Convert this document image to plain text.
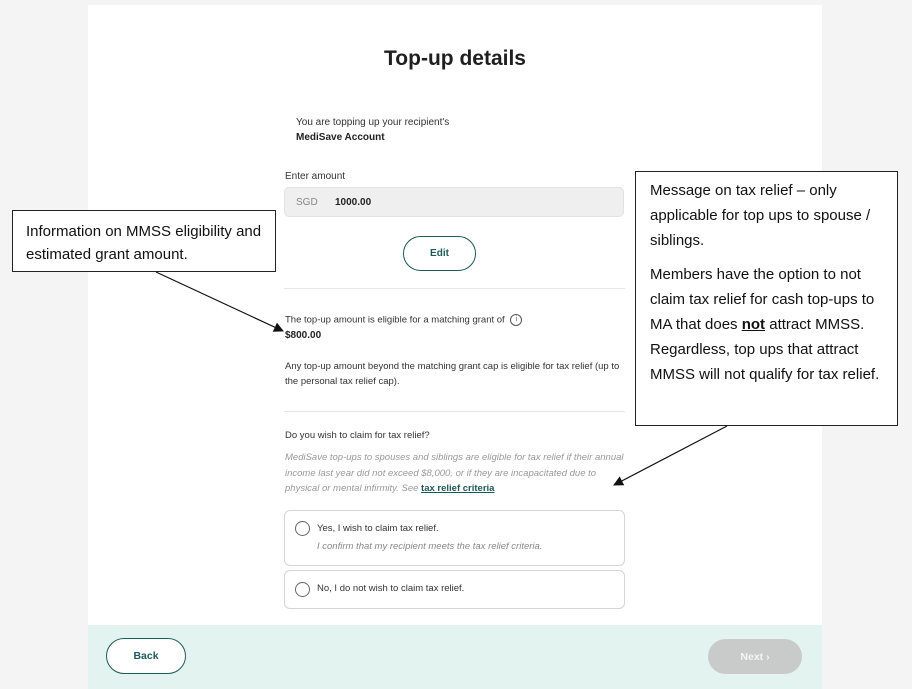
Top-up details
You are topping up your recipient's
MediSave Account
Enter amount
SGD 1000.00
Edit
The top-up amount is eligible for a matching grant of i
$800.00
Any top-up amount beyond the matching grant cap is eligible for tax relief (up to the personal tax relief cap).
Do you wish to claim for tax relief?
MediSave top-ups to spouses and siblings are eligible for tax relief if their annual income last year did not exceed $8,000, or if they are incapacitated due to physical or mental infirmity. See tax relief criteria
Yes, I wish to claim tax relief.
I confirm that my recipient meets the tax relief criteria.
No, I do not wish to claim tax relief.
Back	Next ›
Information on MMSS eligibility and estimated grant amount.

Message on tax relief – only applicable for top ups to spouse / siblings.

Members have the option to not claim tax relief for cash top-ups to MA that does not attract MMSS. Regardless, top ups that attract MMSS will not qualify for tax relief.
